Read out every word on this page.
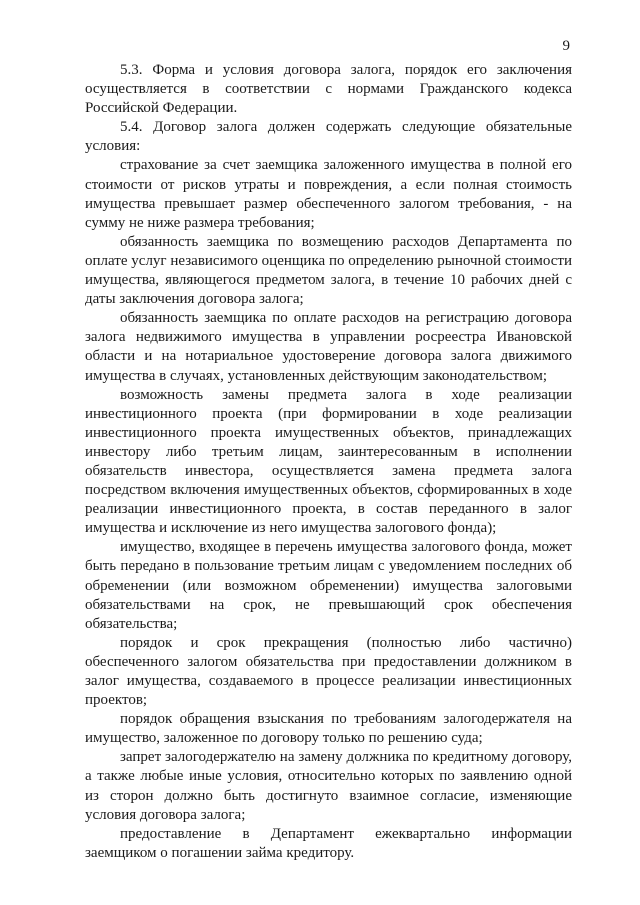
9

5.3. Форма и условия договора залога, порядок его заключения осуществляется в соответствии с нормами Гражданского кодекса Российской Федерации.

5.4. Договор залога должен содержать следующие обязательные условия:

страхование за счет заемщика заложенного имущества в полной его стоимости от рисков утраты и повреждения, а если полная стоимость имущества превышает размер обеспеченного залогом требования, - на сумму не ниже размера требования;

обязанность заемщика по возмещению расходов Департамента по оплате услуг независимого оценщика по определению рыночной стоимости имущества, являющегося предметом залога, в течение 10 рабочих дней с даты заключения договора залога;

обязанность заемщика по оплате расходов на регистрацию договора залога недвижимого имущества в управлении росреестра Ивановской области и на нотариальное удостоверение договора залога движимого имущества в случаях, установленных действующим законодательством;

возможность замены предмета залога в ходе реализации инвестиционного проекта (при формировании в ходе реализации инвестиционного проекта имущественных объектов, принадлежащих инвестору либо третьим лицам, заинтересованным в исполнении обязательств инвестора, осуществляется замена предмета залога посредством включения имущественных объектов, сформированных в ходе реализации инвестиционного проекта, в состав переданного в залог имущества и исключение из него имущества залогового фонда);

имущество, входящее в перечень имущества залогового фонда, может быть передано в пользование третьим лицам с уведомлением последних об обременении (или возможном обременении) имущества залоговыми обязательствами на срок, не превышающий срок обеспечения обязательства;

порядок и срок прекращения (полностью либо частично) обеспеченного залогом обязательства при предоставлении должником в залог имущества, создаваемого в процессе реализации инвестиционных проектов;

порядок обращения взыскания по требованиям залогодержателя на имущество, заложенное по договору только по решению суда;

запрет залогодержателю на замену должника по кредитному договору, а также любые иные условия, относительно которых по заявлению одной из сторон должно быть достигнуто взаимное согласие, изменяющие условия договора залога;

предоставление в Департамент ежеквартально информации заемщиком о погашении займа кредитору.
